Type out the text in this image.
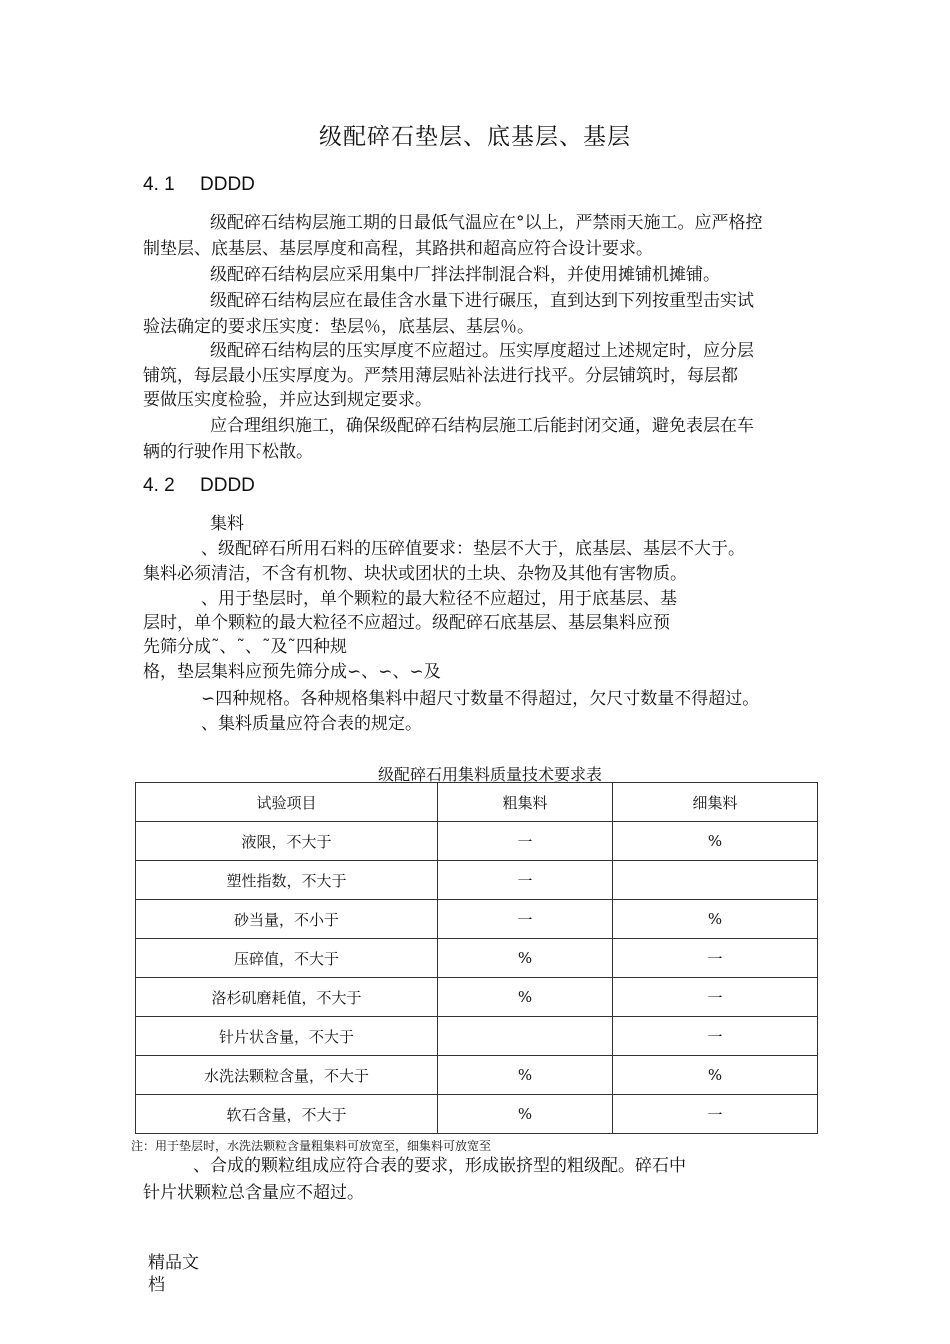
级配碎石垫层、底基层、基层
4. 1 DDDD
级配碎石结构层施工期的日最低气温应在°以上，严禁雨天施工。应严格控
制垫层、底基层、基层厚度和高程，其路拱和超高应符合设计要求。
级配碎石结构层应采用集中厂拌法拌制混合料，并使用摊铺机摊铺。
级配碎石结构层应在最佳含水量下进行碾压，直到达到下列按重型击实试
验法确定的要求压实度：垫层％，底基层、基层％。
级配碎石结构层的压实厚度不应超过。压实厚度超过上述规定时，应分层
铺筑，每层最小压实厚度为。严禁用薄层贴补法进行找平。分层铺筑时，每层都
要做压实度检验，并应达到规定要求。
应合理组织施工，确保级配碎石结构层施工后能封闭交通，避免表层在车
辆的行驶作用下松散。
4. 2 DDDD
集料
、级配碎石所用石料的压碎值要求：垫层不大于，底基层、基层不大于。
集料必须清洁，不含有机物、块状或团状的土块、杂物及其他有害物质。
、用于垫层时，单个颗粒的最大粒径不应超过，用于底基层、基
层时，单个颗粒的最大粒径不应超过。级配碎石底基层、基层集料应预
先筛分成˜、˜、˜及˜四种规
格，垫层集料应预先筛分成∽、∽、∽及
∽四种规格。各种规格集料中超尺寸数量不得超过，欠尺寸数量不得超过。
、集料质量应符合表的规定。
级配碎石用集料质量技术要求表
试验项目	粗集料	细集料
液限，不大于	一	%
塑性指数，不大于	一	
砂当量，不小于	一	%
压碎值，不大于	%	一
洛杉矶磨耗值，不大于	%	一
针片状含量，不大于		一
水洗法颗粒含量，不大于	%	%
软石含量，不大于	%	一
注：用于垫层时，水洗法颗粒含量粗集料可放宽至，细集料可放宽至
、合成的颗粒组成应符合表的要求，形成嵌挤型的粗级配。碎石中
针片状颗粒总含量应不超过。
精品文档
